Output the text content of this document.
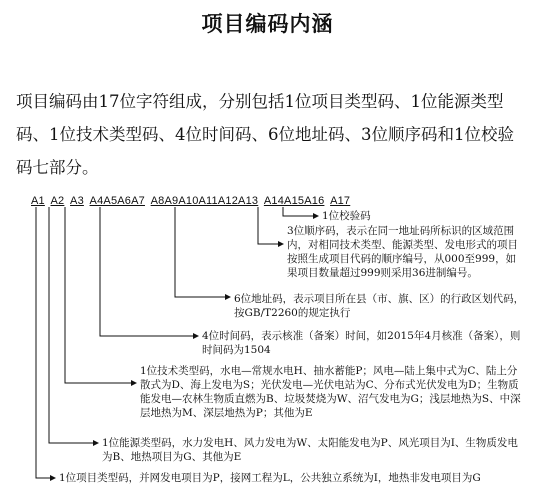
项目编码内涵
项目编码由17位字符组成，分别包括1位项目类型码、1位能源类型码、1位技术类型码、4位时间码、6位地址码、3位顺序码和1位校验码七部分。
A1 A2 A3 A4A5A6A7 A8A9A10A11A12A13 A14A15A16 A17
1位校验码
3位顺序码，表示在同一地址码所标识的区域范围内，对相同技术类型、能源类型、发电形式的项目按照生成项目代码的顺序编号，从000至999，如果项目数量超过999则采用36进制编号。
6位地址码，表示项目所在县（市、旗、区）的行政区划代码，按GB/T2260的规定执行
4位时间码，表示核准（备案）时间，如2015年4月核准（备案），则时间码为1504
1位技术类型码，水电—常规水电H、抽水蓄能P；风电—陆上集中式为C、陆上分散式为D、海上发电为S；光伏发电—光伏电站为C、分布式光伏发电为D；生物质能发电—农林生物质直燃为B、垃圾焚烧为W、沼气发电为G；浅层地热为S、中深层地热为M、深层地热为P；其他为E
1位能源类型码，水力发电H、风力发电为W、太阳能发电为P、风光项目为I、生物质发电为B、地热项目为G、其他为E
1位项目类型码，并网发电项目为P，接网工程为L，公共独立系统为I，地热非发电项目为G
